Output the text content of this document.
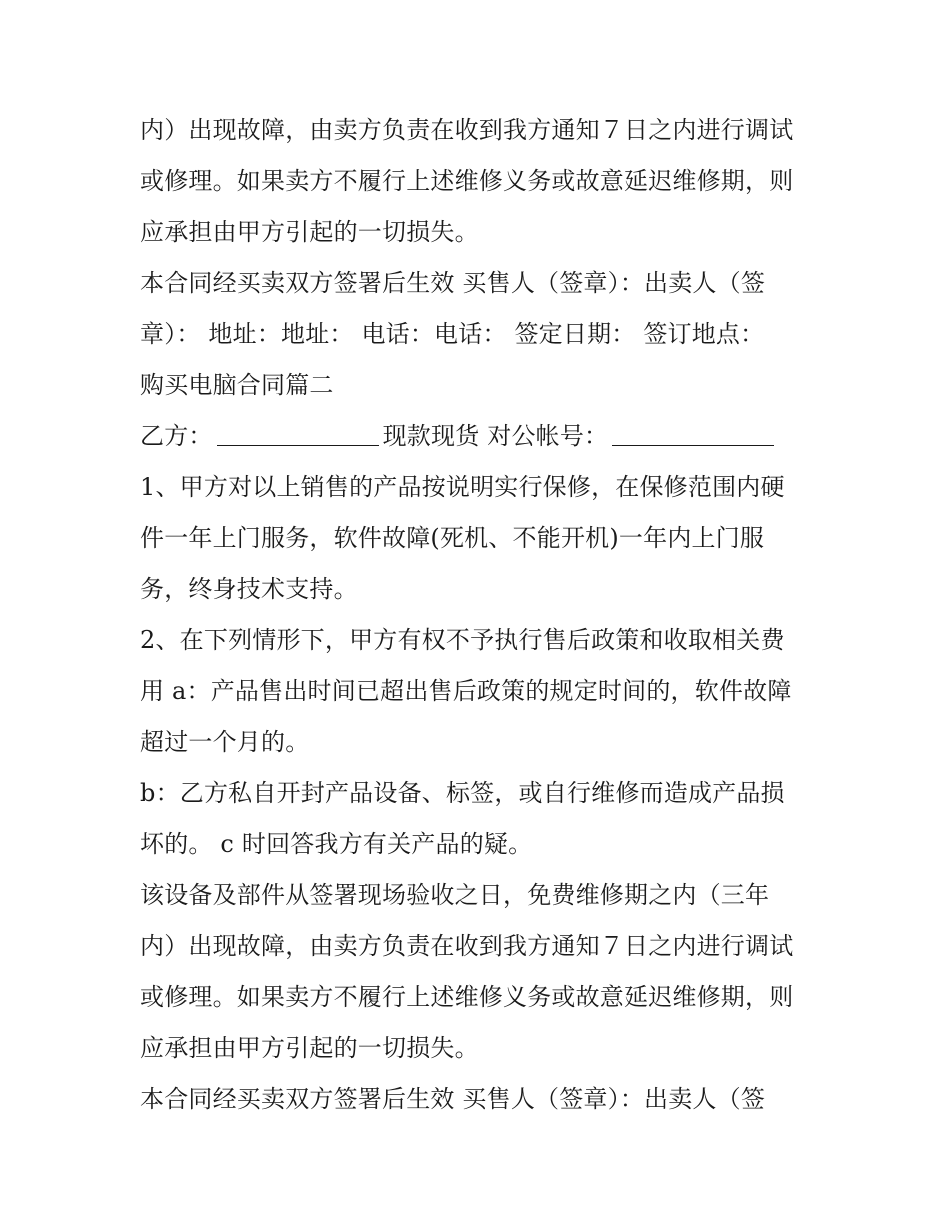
内）出现故障，由卖方负责在收到我方通知７日之内进行调试
或修理。如果卖方不履行上述维修义务或故意延迟维修期，则
应承担由甲方引起的一切损失。
本合同经买卖双方签署后生效 买售人（签章）：出卖人（签
章）： 地址：地址： 电话：电话： 签定日期： 签订地点：
购买电脑合同篇二
乙方：	现款现货 对公帐号：
1、甲方对以上销售的产品按说明实行保修，在保修范围内硬
件一年上门服务，软件故障(死机、不能开机)一年内上门服
务，终身技术支持。
2、在下列情形下，甲方有权不予执行售后政策和收取相关费
用 a：产品售出时间已超出售后政策的规定时间的，软件故障
超过一个月的。
b：乙方私自开封产品设备、标签，或自行维修而造成产品损
坏的。 c 时回答我方有关产品的疑。
该设备及部件从签署现场验收之日，免费维修期之内（三年
内）出现故障，由卖方负责在收到我方通知７日之内进行调试
或修理。如果卖方不履行上述维修义务或故意延迟维修期，则
应承担由甲方引起的一切损失。
本合同经买卖双方签署后生效 买售人（签章）：出卖人（签
